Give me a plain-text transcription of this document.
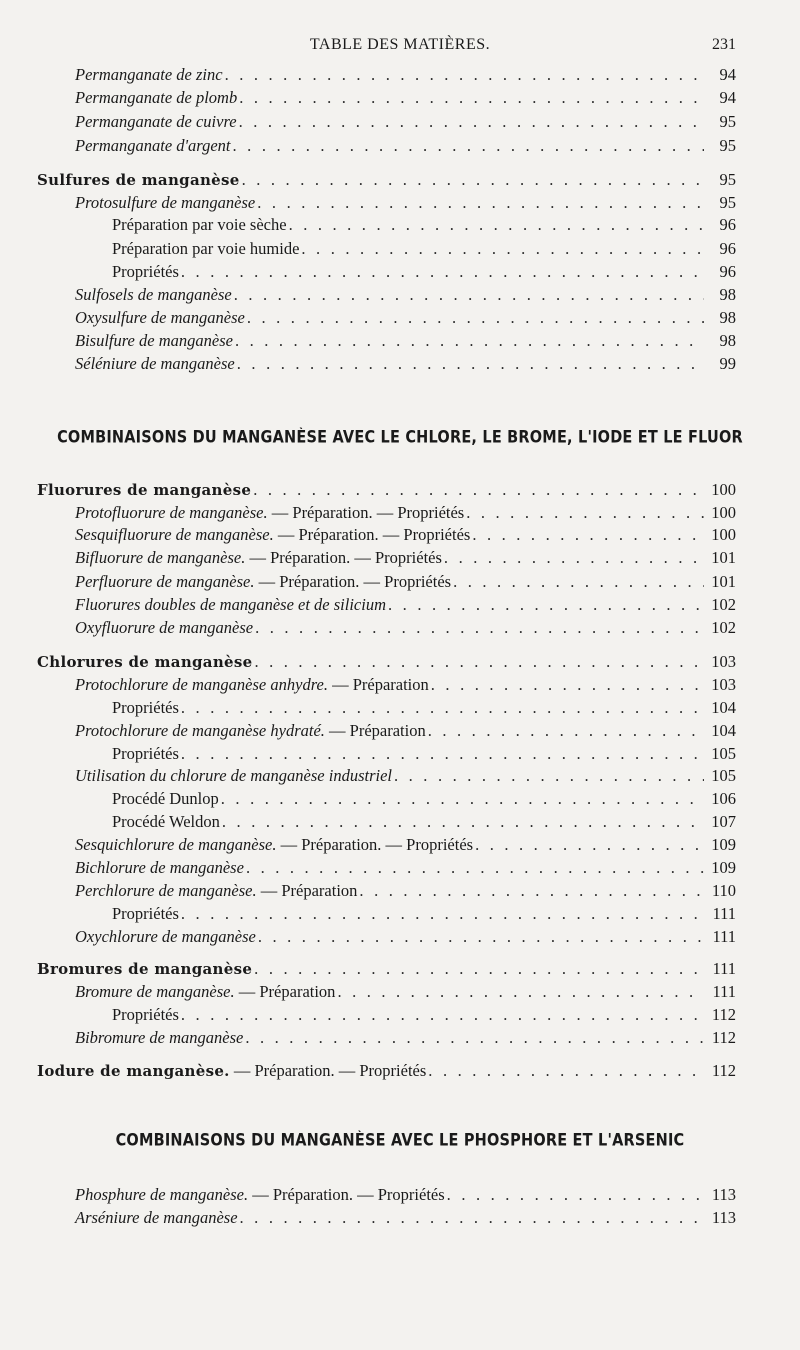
TABLE DES MATIÈRES.	231
COMBINAISONS DU MANGANÈSE AVEC LE CHLORE, LE BROME, L'IODE ET LE FLUOR
COMBINAISONS DU MANGANÈSE AVEC LE PHOSPHORE ET L'ARSENIC
Permanganate de zinc . . .	94
Permanganate de plomb . . .	94
Permanganate de cuivre . . .	95
Permanganate d'argent . . .	95
Sulfures de manganèse . . .	95
Protosulfure de manganèse . . .	95
Préparation par voie sèche . . .	96
Préparation par voie humide . . .	96
Propriétés . . .	96
Sulfosels de manganèse . . .	98
Oxysulfure de manganèse . . .	98
Bisulfure de manganèse . . .	98
Séléniure de manganèse . . .	99
Fluorures de manganèse . . .	100
Protofluorure de manganèse. — Préparation. — Propriétés . . .	100
Sesquifluorure de manganèse. — Préparation. — Propriétés . . .	100
Bifluorure de manganèse. — Préparation. — Propriétés . . .	101
Perfluorure de manganèse. — Préparation. — Propriétés . . .	101
Fluorures doubles de manganèse et de silicium . . .	102
Oxyfluorure de manganèse . . .	102
Chlorures de manganèse . . .	103
Protochlorure de manganèse anhydre. — Préparation . . .	103
Propriétés . . .	104
Protochlorure de manganèse hydraté. — Préparation . . .	104
Propriétés . . .	105
Utilisation du chlorure de manganèse industriel . . .	105
Procédé Dunlop . . .	106
Procédé Weldon . . .	107
Sesquichlorure de manganèse. — Préparation. — Propriétés . . .	109
Bichlorure de manganèse . . .	109
Perchlorure de manganèse. — Préparation . . .	110
Propriétés . . .	111
Oxychlorure de manganèse . . .	111
Bromures de manganèse . . .	111
Bromure de manganèse. — Préparation . . .	111
Propriétés . . .	112
Bibromure de manganèse . . .	112
Iodure de manganèse. — Préparation. — Propriétés . . .	112
Phosphure de manganèse. — Préparation. — Propriétés . . .	113
Arséniure de manganèse . . .	113
